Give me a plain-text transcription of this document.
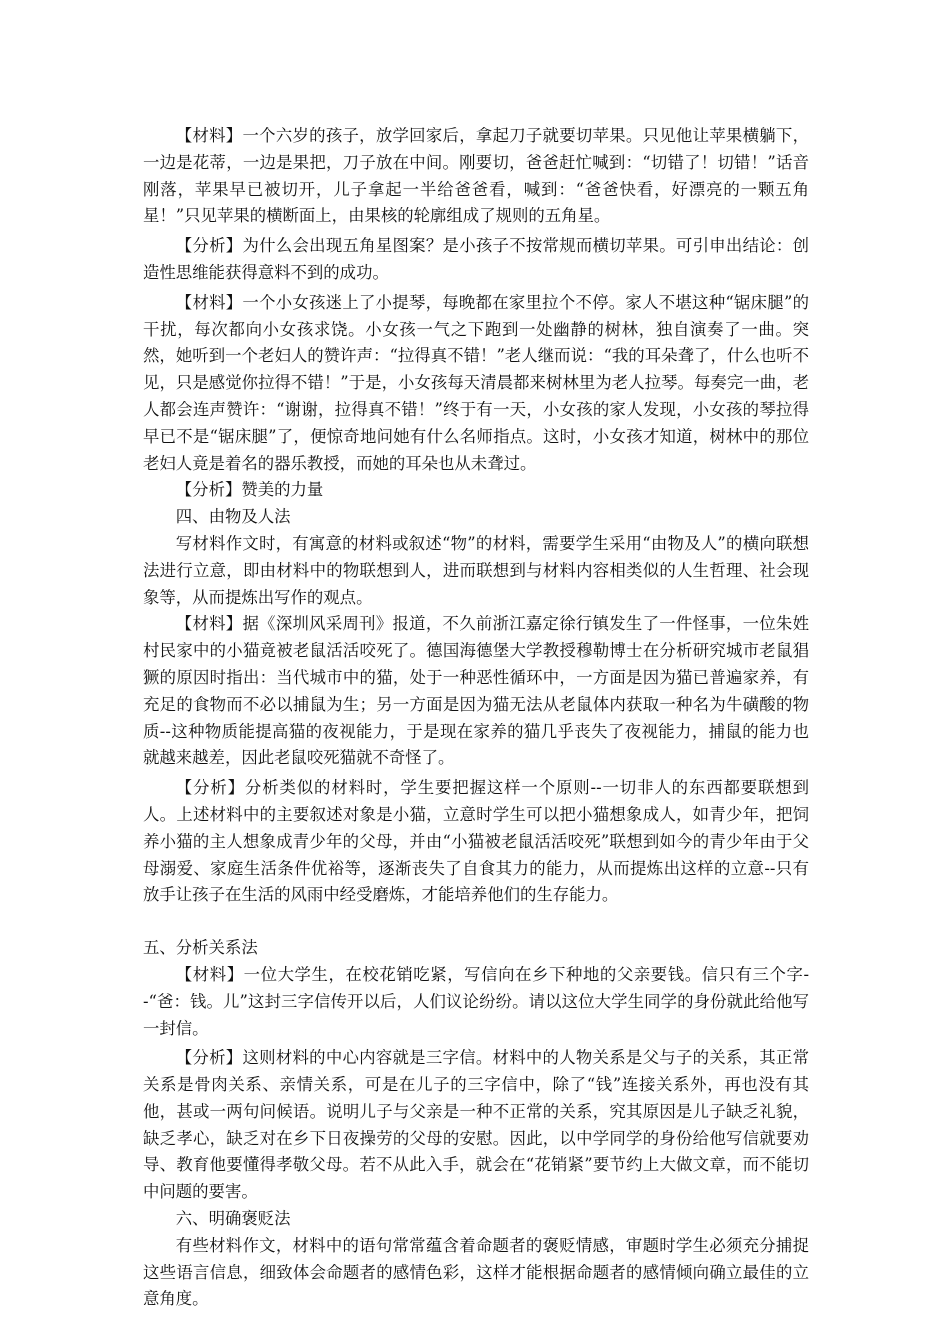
【材料】一个六岁的孩子，放学回家后，拿起刀子就要切苹果。只见他让苹果横躺下，一边是花蒂，一边是果把，刀子放在中间。刚要切，爸爸赶忙喊到：“切错了！切错！”话音刚落，苹果早已被切开，儿子拿起一半给爸爸看，喊到：“爸爸快看，好漂亮的一颗五角星！”只见苹果的横断面上，由果核的轮廓组成了规则的五角星。

【分析】为什么会出现五角星图案？是小孩子不按常规而横切苹果。可引申出结论：创造性思维能获得意料不到的成功。

【材料】一个小女孩迷上了小提琴，每晚都在家里拉个不停。家人不堪这种“锯床腿”的干扰，每次都向小女孩求饶。小女孩一气之下跑到一处幽静的树林，独自演奏了一曲。突然，她听到一个老妇人的赞许声：“拉得真不错！”老人继而说：“我的耳朵聋了，什么也听不见，只是感觉你拉得不错！”于是，小女孩每天清晨都来树林里为老人拉琴。每奏完一曲，老人都会连声赞许：“谢谢，拉得真不错！”终于有一天，小女孩的家人发现，小女孩的琴拉得早已不是“锯床腿”了，便惊奇地问她有什么名师指点。这时，小女孩才知道，树林中的那位老妇人竟是着名的器乐教授，而她的耳朵也从未聋过。

【分析】赞美的力量

四、由物及人法

写材料作文时，有寓意的材料或叙述“物”的材料，需要学生采用“由物及人”的横向联想法进行立意，即由材料中的物联想到人，进而联想到与材料内容相类似的人生哲理、社会现象等，从而提炼出写作的观点。

【材料】据《深圳风采周刊》报道，不久前浙江嘉定徐行镇发生了一件怪事，一位朱姓村民家中的小猫竟被老鼠活活咬死了。德国海德堡大学教授穆勒博士在分析研究城市老鼠猖獗的原因时指出：当代城市中的猫，处于一种恶性循环中，一方面是因为猫已普遍家养，有充足的食物而不必以捕鼠为生；另一方面是因为猫无法从老鼠体内获取一种名为牛磺酸的物质--这种物质能提高猫的夜视能力，于是现在家养的猫几乎丧失了夜视能力，捕鼠的能力也就越来越差，因此老鼠咬死猫就不奇怪了。

【分析】分析类似的材料时，学生要把握这样一个原则--一切非人的东西都要联想到人。上述材料中的主要叙述对象是小猫，立意时学生可以把小猫想象成人，如青少年，把饲养小猫的主人想象成青少年的父母，并由“小猫被老鼠活活咬死”联想到如今的青少年由于父母溺爱、家庭生活条件优裕等，逐渐丧失了自食其力的能力，从而提炼出这样的立意--只有放手让孩子在生活的风雨中经受磨炼，才能培养他们的生存能力。

五、分析关系法

【材料】一位大学生，在校花销吃紧，写信向在乡下种地的父亲要钱。信只有三个字--“爸：钱。儿”这封三字信传开以后，人们议论纷纷。请以这位大学生同学的身份就此给他写一封信。

【分析】这则材料的中心内容就是三字信。材料中的人物关系是父与子的关系，其正常关系是骨肉关系、亲情关系，可是在儿子的三字信中，除了“钱”连接关系外，再也没有其他，甚或一两句问候语。说明儿子与父亲是一种不正常的关系，究其原因是儿子缺乏礼貌，缺乏孝心，缺乏对在乡下日夜操劳的父母的安慰。因此，以中学同学的身份给他写信就要劝导、教育他要懂得孝敬父母。若不从此入手，就会在“花销紧”要节约上大做文章，而不能切中问题的要害。

六、明确褒贬法

有些材料作文，材料中的语句常常蕴含着命题者的褒贬情感，审题时学生必须充分捕捉这些语言信息，细致体会命题者的感情色彩，这样才能根据命题者的感情倾向确立最佳的立意角度。
